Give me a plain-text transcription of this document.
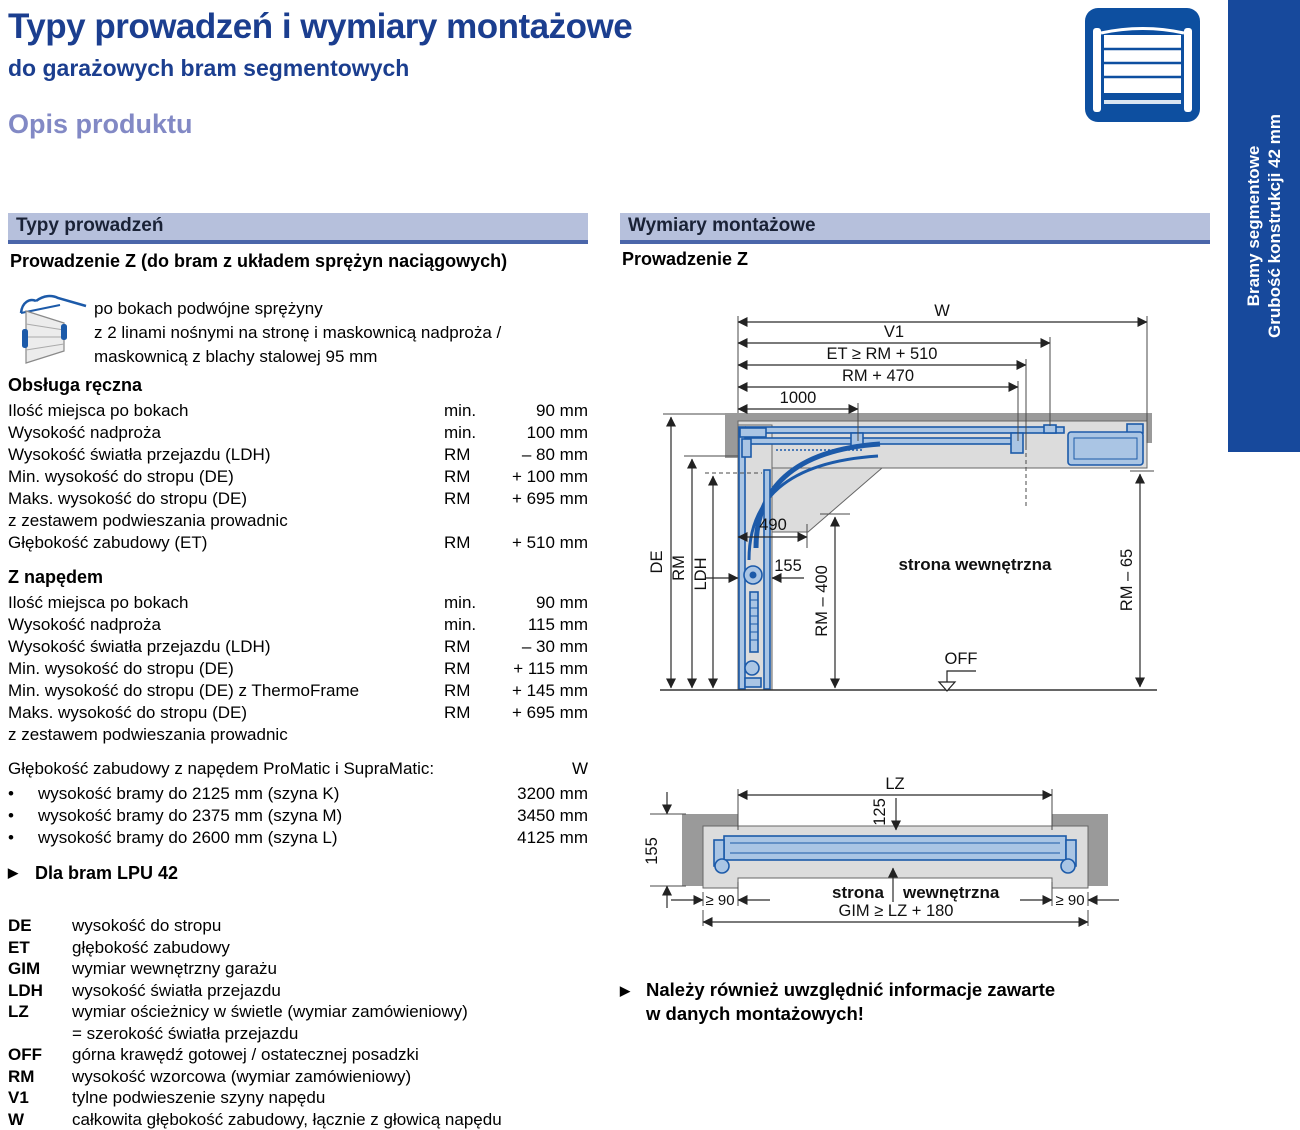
Typy prowadzeń i wymiary montażowe
do garażowych bram segmentowych
Opis produktu
Bramy segmentowe Grubość konstrukcji 42 mm
Typy prowadzeń
Prowadzenie Z (do bram z układem sprężyn naciągowych)
po bokach podwójne sprężyny
z 2 linami nośnymi na stronę i maskownicą nadproża /
maskownicą z blachy stalowej 95 mm
Obsługa ręczna
Ilość miejsca po bokach	min.	90 mm
Wysokość nadproża	min.	100 mm
Wysokość światła przejazdu (LDH)	RM	– 80 mm
Min. wysokość do stropu (DE)	RM	+ 100 mm
Maks. wysokość do stropu (DE)	RM	+ 695 mm
z zestawem podwieszania prowadnic
Głębokość zabudowy (ET)	RM	+ 510 mm
Z napędem
Ilość miejsca po bokach	min.	90 mm
Wysokość nadproża	min.	115 mm
Wysokość światła przejazdu (LDH)	RM	– 30 mm
Min. wysokość do stropu (DE)	RM	+ 115 mm
Min. wysokość do stropu (DE) z ThermoFrame	RM	+ 145 mm
Maks. wysokość do stropu (DE)	RM	+ 695 mm
z zestawem podwieszania prowadnic
Głębokość zabudowy z napędem ProMatic i SupraMatic:	W
•	wysokość bramy do 2125 mm (szyna K)	3200 mm
•	wysokość bramy do 2375 mm (szyna M)	3450 mm
•	wysokość bramy do 2600 mm (szyna L)	4125 mm
▶ Dla bram LPU 42
DE	wysokość do stropu
ET	głębokość zabudowy
GIM	wymiar wewnętrzny garażu
LDH	wysokość światła przejazdu
LZ	wymiar ościeżnicy w świetle (wymiar zamówieniowy)
= szerokość światła przejazdu
OFF	górna krawędź gotowej / ostatecznej posadzki
RM	wysokość wzorcowa (wymiar zamówieniowy)
V1	tylne podwieszenie szyny napędu
W	całkowita głębokość zabudowy, łącznie z głowicą napędu
Wymiary montażowe
Prowadzenie Z
W
V1
ET ≥ RM + 510
RM + 470
1000
DE RM LDH
490
155 RM – 400
strona wewnętrzna
OFF
RM – 65
LZ
125
155
strona wewnętrzna
≥ 90	≥ 90
GIM ≥ LZ + 180
▶ Należy również uwzględnić informacje zawarte
w danych montażowych!
